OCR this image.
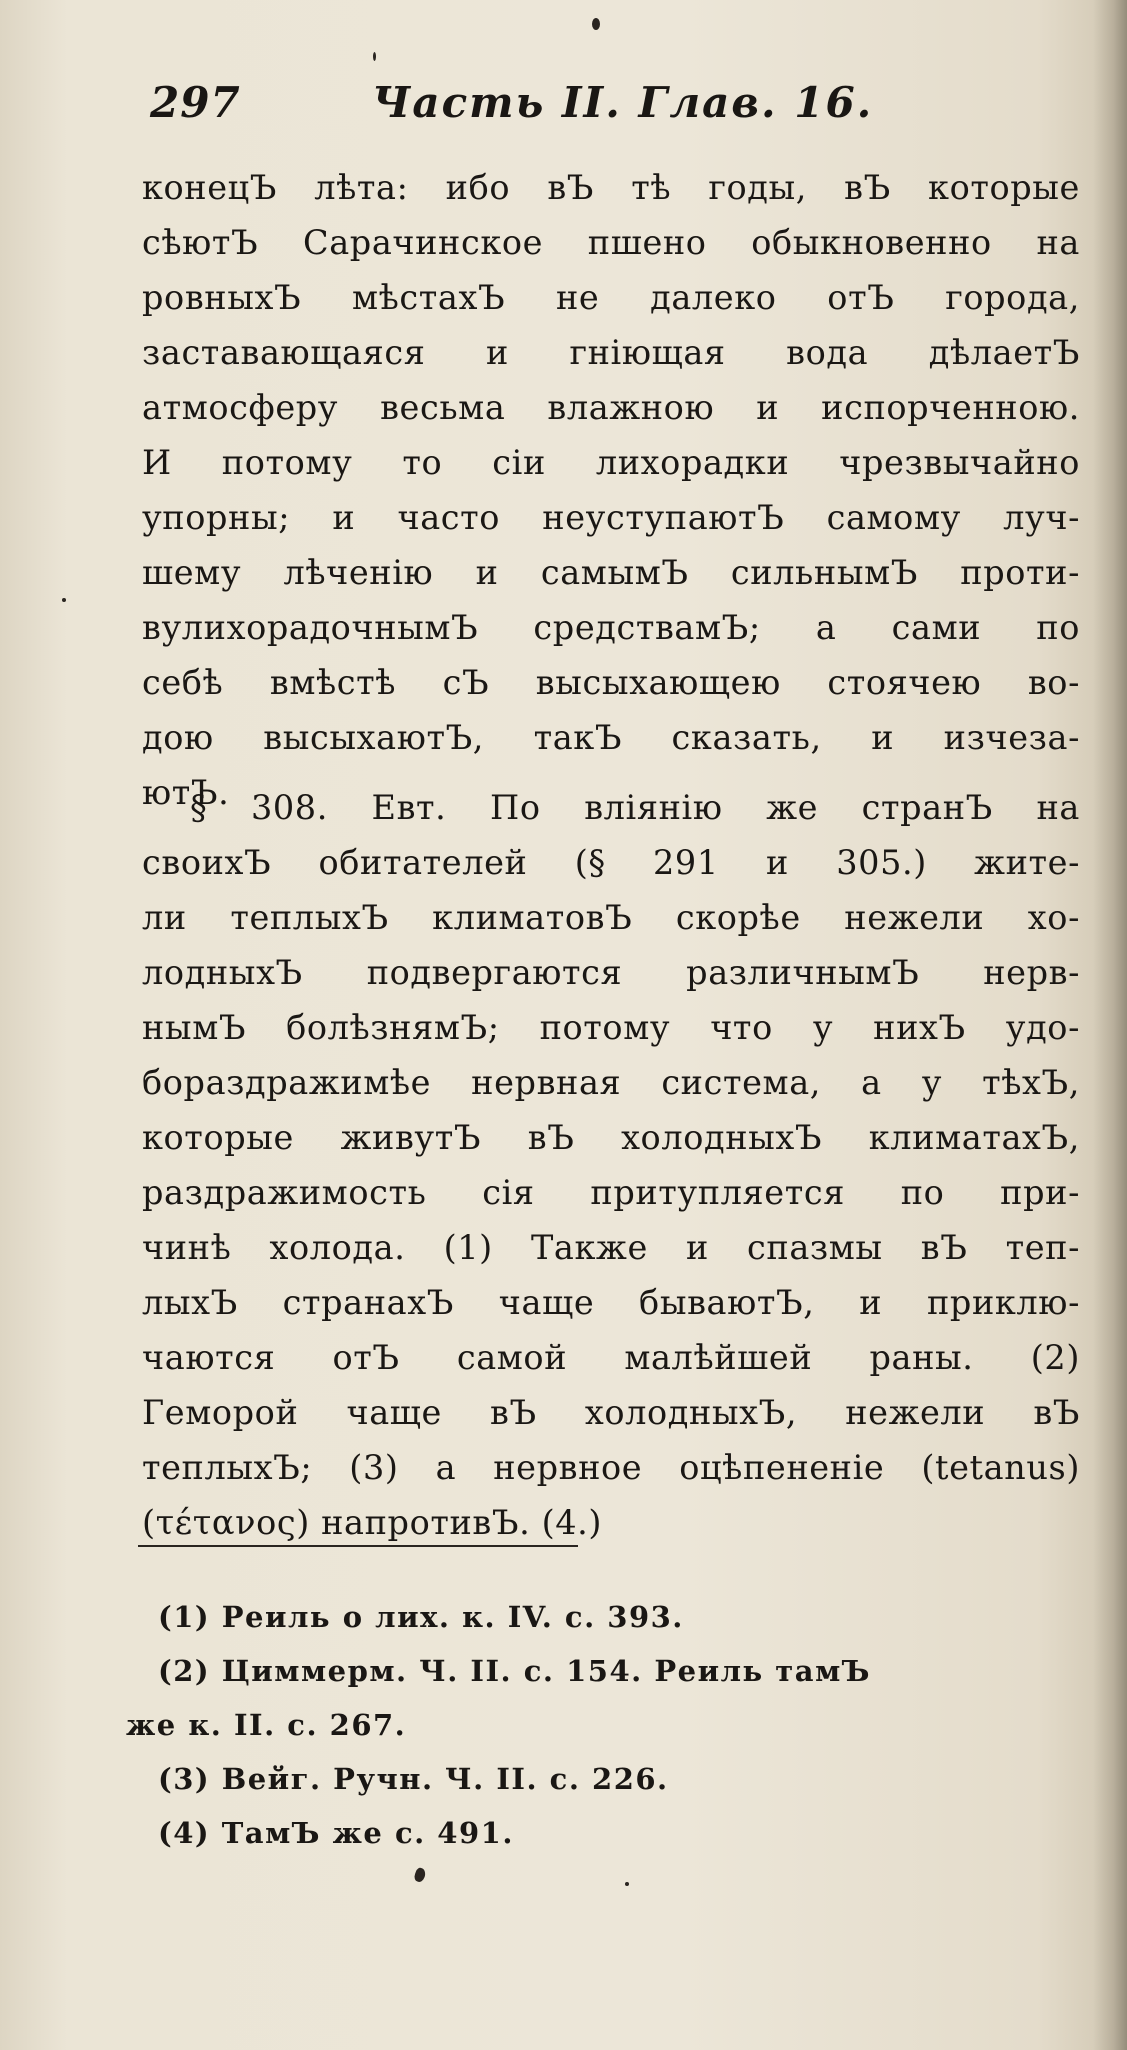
297	Часть II. Глав. 16.
конецЪ лѣта: ибо вЪ тѣ годы, вЪ которые
сѣютЪ Сарачинское пшено обыкновенно на
ровныхЪ мѣстахЪ не далеко отЪ города,
заставающаяся и гніющая вода дѣлаетЪ
атмосферу весьма влажною и испорченною.
И потому то сіи лихорадки чрезвычайно
упорны; и часто неуступаютЪ самому луч-
шему лѣченію и самымЪ сильнымЪ проти-
вулихорадочнымЪ средствамЪ; а сами по
себѣ вмѣстѣ сЪ высыхающею стоячею во-
дою высыхаютЪ, такЪ сказать, и изчеза-
ютЪ.
§ 308. Евт. По вліянію же странЪ на
своихЪ обитателей (§ 291 и 305.) жите-
ли теплыхЪ климатовЪ скорѣе нежели хо-
лодныхЪ подвергаются различнымЪ нерв-
нымЪ болѣзнямЪ; потому что у нихЪ удо-
бораздражимѣе нервная система, а у тѣхЪ,
которые живутЪ вЪ холодныхЪ климатахЪ,
раздражимость сія притупляется по при-
чинѣ холода. (1) Также и спазмы вЪ теп-
лыхЪ странахЪ чаще бываютЪ, и приклю-
чаются отЪ самой малѣйшей раны. (2)
Геморой чаще вЪ холодныхЪ, нежели вЪ
теплыхЪ; (3) а нервное оцѣпененіе (tetanus)
(τέτανος) напротивЪ. (4.)
(1) Реиль о лих. к. IV. с. 393.
(2) Циммерм. Ч. II. с. 154. Реиль тамЪ
же к. II. с. 267.
(3) Вейг. Ручн. Ч. II. с. 226.
(4) ТамЪ же с. 491.
